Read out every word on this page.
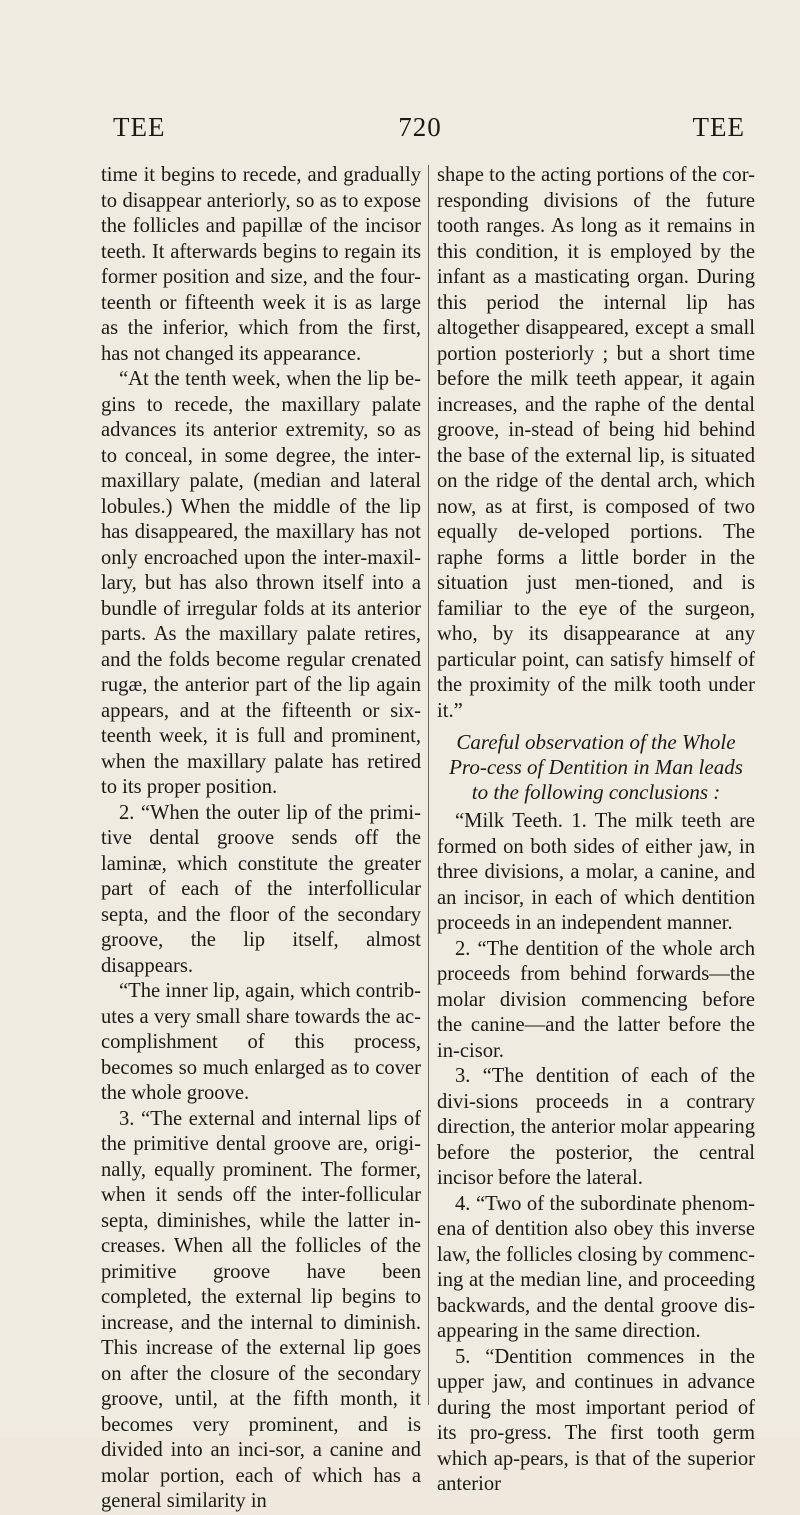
TEE	720	TEE

time it begins to recede, and gradually to disappear anteriorly, so as to expose the follicles and papillæ of the incisor teeth. It afterwards begins to regain its former position and size, and the four-teenth or fifteenth week it is as large as the inferior, which from the first, has not changed its appearance.

“At the tenth week, when the lip be-gins to recede, the maxillary palate advances its anterior extremity, so as to conceal, in some degree, the inter-maxillary palate, (median and lateral lobules.) When the middle of the lip has disappeared, the maxillary has not only encroached upon the inter-maxil-lary, but has also thrown itself into a bundle of irregular folds at its anterior parts. As the maxillary palate retires, and the folds become regular crenated rugæ, the anterior part of the lip again appears, and at the fifteenth or six-teenth week, it is full and prominent, when the maxillary palate has retired to its proper position.

2. “When the outer lip of the primi-tive dental groove sends off the laminæ, which constitute the greater part of each of the interfollicular septa, and the floor of the secondary groove, the lip itself, almost disappears.

“The inner lip, again, which contrib-utes a very small share towards the ac-complishment of this process, becomes so much enlarged as to cover the whole groove.

3. “The external and internal lips of the primitive dental groove are, origi-nally, equally prominent. The former, when it sends off the inter-follicular septa, diminishes, while the latter in-creases. When all the follicles of the primitive groove have been completed, the external lip begins to increase, and the internal to diminish. This increase of the external lip goes on after the closure of the secondary groove, until, at the fifth month, it becomes very prominent, and is divided into an inci-sor, a canine and molar portion, each of which has a general similarity in

shape to the acting portions of the cor-responding divisions of the future tooth ranges. As long as it remains in this condition, it is employed by the infant as a masticating organ. During this period the internal lip has altogether disappeared, except a small portion posteriorly ; but a short time before the milk teeth appear, it again increases, and the raphe of the dental groove, in-stead of being hid behind the base of the external lip, is situated on the ridge of the dental arch, which now, as at first, is composed of two equally de-veloped portions. The raphe forms a little border in the situation just men-tioned, and is familiar to the eye of the surgeon, who, by its disappearance at any particular point, can satisfy himself of the proximity of the milk tooth under it.”

Careful observation of the Whole Pro-cess of Dentition in Man leads to the following conclusions :

“Milk Teeth. 1. The milk teeth are formed on both sides of either jaw, in three divisions, a molar, a canine, and an incisor, in each of which dentition proceeds in an independent manner.

2. “The dentition of the whole arch proceeds from behind forwards—the molar division commencing before the canine—and the latter before the in-cisor.

3. “The dentition of each of the divi-sions proceeds in a contrary direction, the anterior molar appearing before the posterior, the central incisor before the lateral.

4. “Two of the subordinate phenom-ena of dentition also obey this inverse law, the follicles closing by commenc-ing at the median line, and proceeding backwards, and the dental groove dis-appearing in the same direction.

5. “Dentition commences in the upper jaw, and continues in advance during the most important period of its pro-gress. The first tooth germ which ap-pears, is that of the superior anterior
